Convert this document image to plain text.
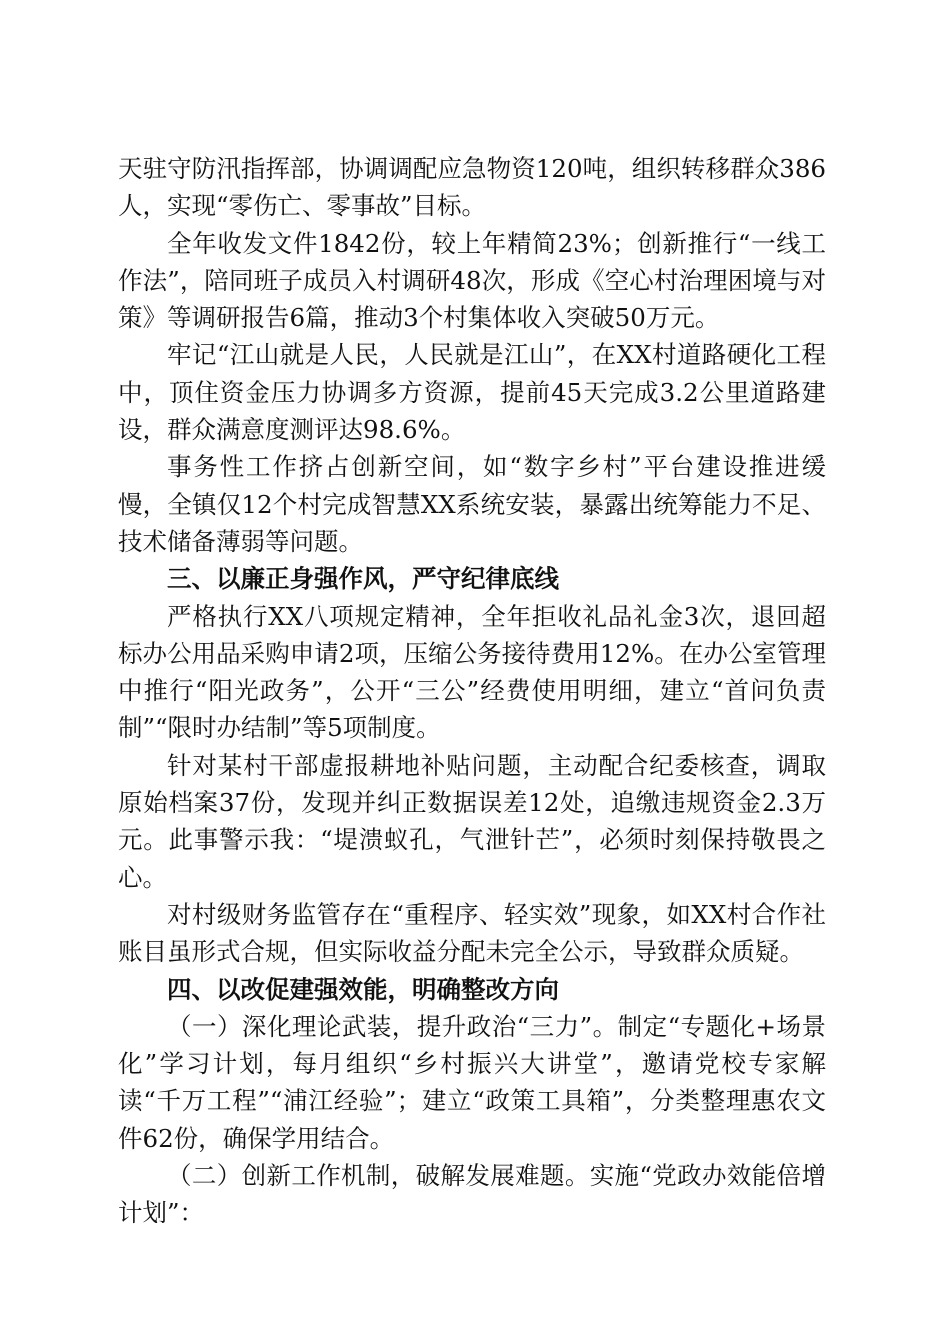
天驻守防汛指挥部，协调调配应急物资120吨，组织转移群众386人，实现“零伤亡、零事故”目标。

全年收发文件1842份，较上年精简23%；创新推行“一线工作法”，陪同班子成员入村调研48次，形成《空心村治理困境与对策》等调研报告6篇，推动3个村集体收入突破50万元。

牢记“江山就是人民，人民就是江山”，在XX村道路硬化工程中，顶住资金压力协调多方资源，提前45天完成3.2公里道路建设，群众满意度测评达98.6%。

事务性工作挤占创新空间，如“数字乡村”平台建设推进缓慢，全镇仅12个村完成智慧XX系统安装，暴露出统筹能力不足、技术储备薄弱等问题。

三、以廉正身强作风，严守纪律底线

严格执行XX八项规定精神，全年拒收礼品礼金3次，退回超标办公用品采购申请2项，压缩公务接待费用12%。在办公室管理中推行“阳光政务”，公开“三公”经费使用明细，建立“首问负责制”“限时办结制”等5项制度。

针对某村干部虚报耕地补贴问题，主动配合纪委核查，调取原始档案37份，发现并纠正数据误差12处，追缴违规资金2.3万元。此事警示我：“堤溃蚁孔，气泄针芒”，必须时刻保持敬畏之心。

对村级财务监管存在“重程序、轻实效”现象，如XX村合作社账目虽形式合规，但实际收益分配未完全公示，导致群众质疑。

四、以改促建强效能，明确整改方向

（一）深化理论武装，提升政治“三力”。制定“专题化+场景化”学习计划，每月组织“乡村振兴大讲堂”，邀请党校专家解读“千万工程”“浦江经验”；建立“政策工具箱”，分类整理惠农文件62份，确保学用结合。

（二）创新工作机制，破解发展难题。实施“党政办效能倍增计划”：
